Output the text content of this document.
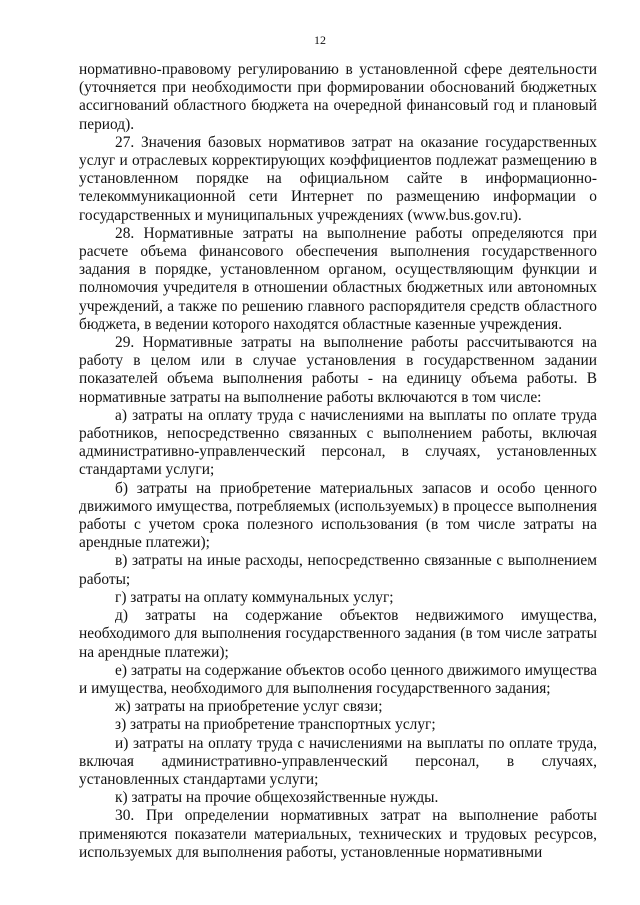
12

нормативно-правовому регулированию в установленной сфере деятельности (уточняется при необходимости при формировании обоснований бюджетных ассигнований областного бюджета на очередной финансовый год и плановый период).

27. Значения базовых нормативов затрат на оказание государственных услуг и отраслевых корректирующих коэффициентов подлежат размещению в установленном порядке на официальном сайте в информационно-телекоммуникационной сети Интернет по размещению информации о государственных и муниципальных учреждениях (www.bus.gov.ru).

28. Нормативные затраты на выполнение работы определяются при расчете объема финансового обеспечения выполнения государственного задания в порядке, установленном органом, осуществляющим функции и полномочия учредителя в отношении областных бюджетных или автономных учреждений, а также по решению главного распорядителя средств областного бюджета, в ведении которого находятся областные казенные учреждения.

29. Нормативные затраты на выполнение работы рассчитываются на работу в целом или в случае установления в государственном задании показателей объема выполнения работы - на единицу объема работы. В нормативные затраты на выполнение работы включаются в том числе:

а) затраты на оплату труда с начислениями на выплаты по оплате труда работников, непосредственно связанных с выполнением работы, включая административно-управленческий персонал, в случаях, установленных стандартами услуги;

б) затраты на приобретение материальных запасов и особо ценного движимого имущества, потребляемых (используемых) в процессе выполнения работы с учетом срока полезного использования (в том числе затраты на арендные платежи);

в) затраты на иные расходы, непосредственно связанные с выполнением работы;

г) затраты на оплату коммунальных услуг;

д) затраты на содержание объектов недвижимого имущества, необходимого для выполнения государственного задания (в том числе затраты на арендные платежи);

е) затраты на содержание объектов особо ценного движимого имущества и имущества, необходимого для выполнения государственного задания;

ж) затраты на приобретение услуг связи;

з) затраты на приобретение транспортных услуг;

и) затраты на оплату труда с начислениями на выплаты по оплате труда, включая административно-управленческий персонал, в случаях, установленных стандартами услуги;

к) затраты на прочие общехозяйственные нужды.

30. При определении нормативных затрат на выполнение работы применяются показатели материальных, технических и трудовых ресурсов, используемых для выполнения работы, установленные нормативными
